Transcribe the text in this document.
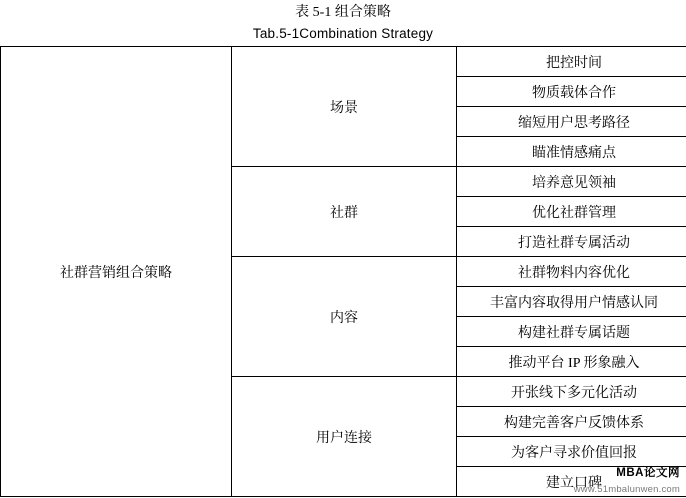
表 5-1 组合策略
Tab.5-1Combination Strategy
社群营销组合策略	场景	把控时间
		物质载体合作
		缩短用户思考路径
		瞄准情感痛点
	社群	培养意见领袖
		优化社群管理
		打造社群专属活动
	内容	社群物料内容优化
		丰富内容取得用户情感认同
		构建社群专属话题
		推动平台 IP 形象融入
	用户连接	开张线下多元化活动
		构建完善客户反馈体系
		为客户寻求价值回报
		建立口碑
MBA论文网
www.51mbalunwen.com
